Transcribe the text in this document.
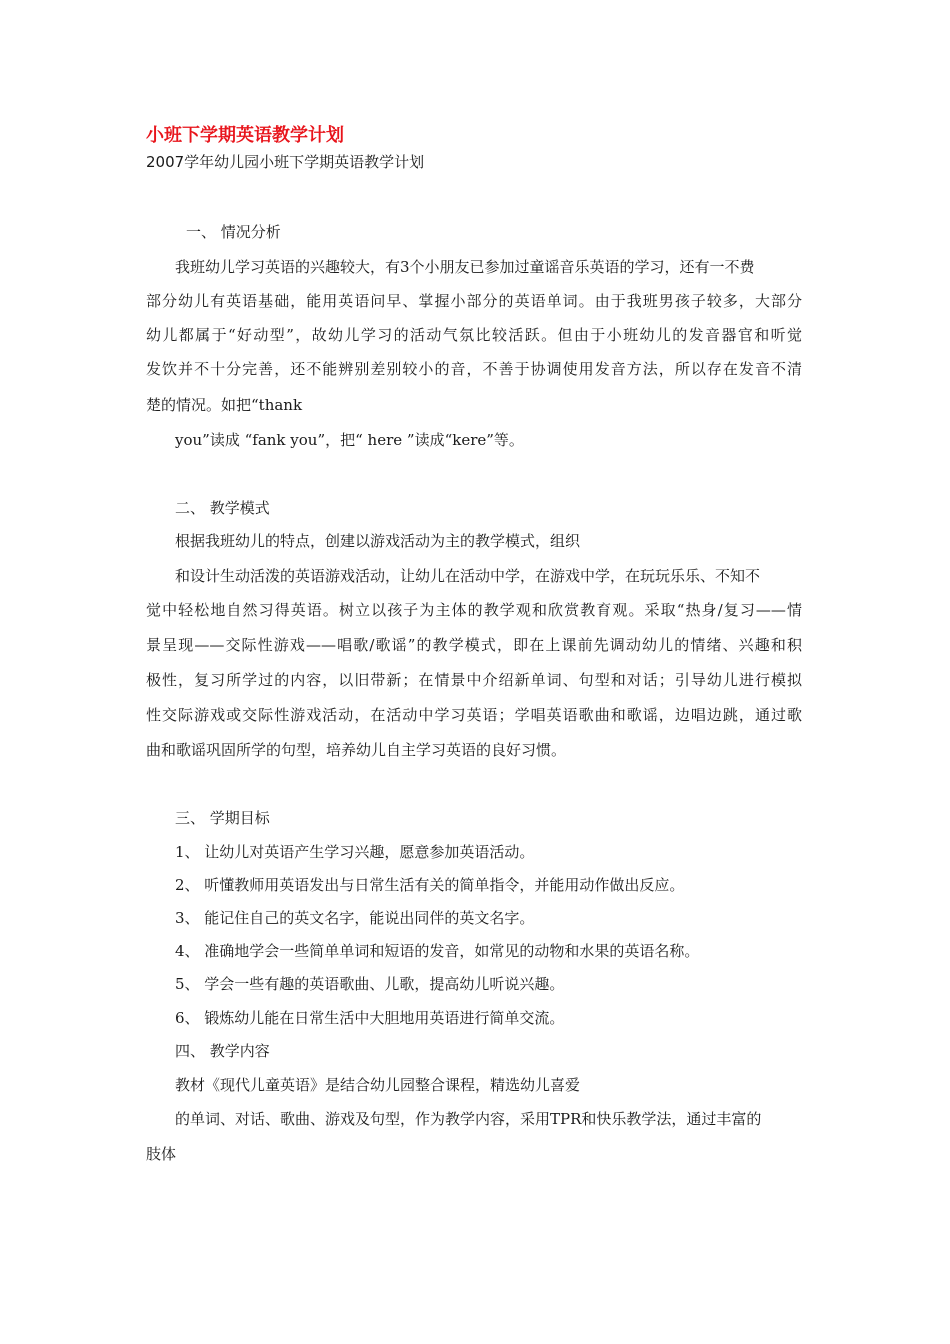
小班下学期英语教学计划
2007学年幼儿园小班下学期英语教学计划
一、 情况分析
我班幼儿学习英语的兴趣较大，有3个小朋友已参加过童谣音乐英语的学习，还有一不费
部分幼儿有英语基础，能用英语问早、掌握小部分的英语单词。由于我班男孩子较多，大部分
幼儿都属于“好动型”，故幼儿学习的活动气氛比较活跃。但由于小班幼儿的发音器官和听觉
发饮并不十分完善，还不能辨别差别较小的音，不善于协调使用发音方法，所以存在发音不清
楚的情况。如把“thank
you”读成 “fank you”，把“ here ”读成“kere”等。
二、 教学模式
根据我班幼儿的特点，创建以游戏活动为主的教学模式，组织
和设计生动活泼的英语游戏活动，让幼儿在活动中学，在游戏中学，在玩玩乐乐、不知不
觉中轻松地自然习得英语。树立以孩子为主体的教学观和欣赏教育观。采取“热身/复习——情
景呈现——交际性游戏——唱歌/歌谣”的教学模式，即在上课前先调动幼儿的情绪、兴趣和积
极性，复习所学过的内容，以旧带新；在情景中介绍新单词、句型和对话；引导幼儿进行模拟
性交际游戏或交际性游戏活动，在活动中学习英语；学唱英语歌曲和歌谣，边唱边跳，通过歌
曲和歌谣巩固所学的句型，培养幼儿自主学习英语的良好习惯。
三、 学期目标
1、 让幼儿对英语产生学习兴趣，愿意参加英语活动。
2、 听懂教师用英语发出与日常生活有关的简单指令，并能用动作做出反应。
3、 能记住自己的英文名字，能说出同伴的英文名字。
4、 准确地学会一些简单单词和短语的发音，如常见的动物和水果的英语名称。
5、 学会一些有趣的英语歌曲、儿歌，提高幼儿听说兴趣。
6、 锻炼幼儿能在日常生活中大胆地用英语进行简单交流。
四、 教学内容
教材《现代儿童英语》是结合幼儿园整合课程，精选幼儿喜爱
的单词、对话、歌曲、游戏及句型，作为教学内容，采用TPR和快乐教学法，通过丰富的
肢体
